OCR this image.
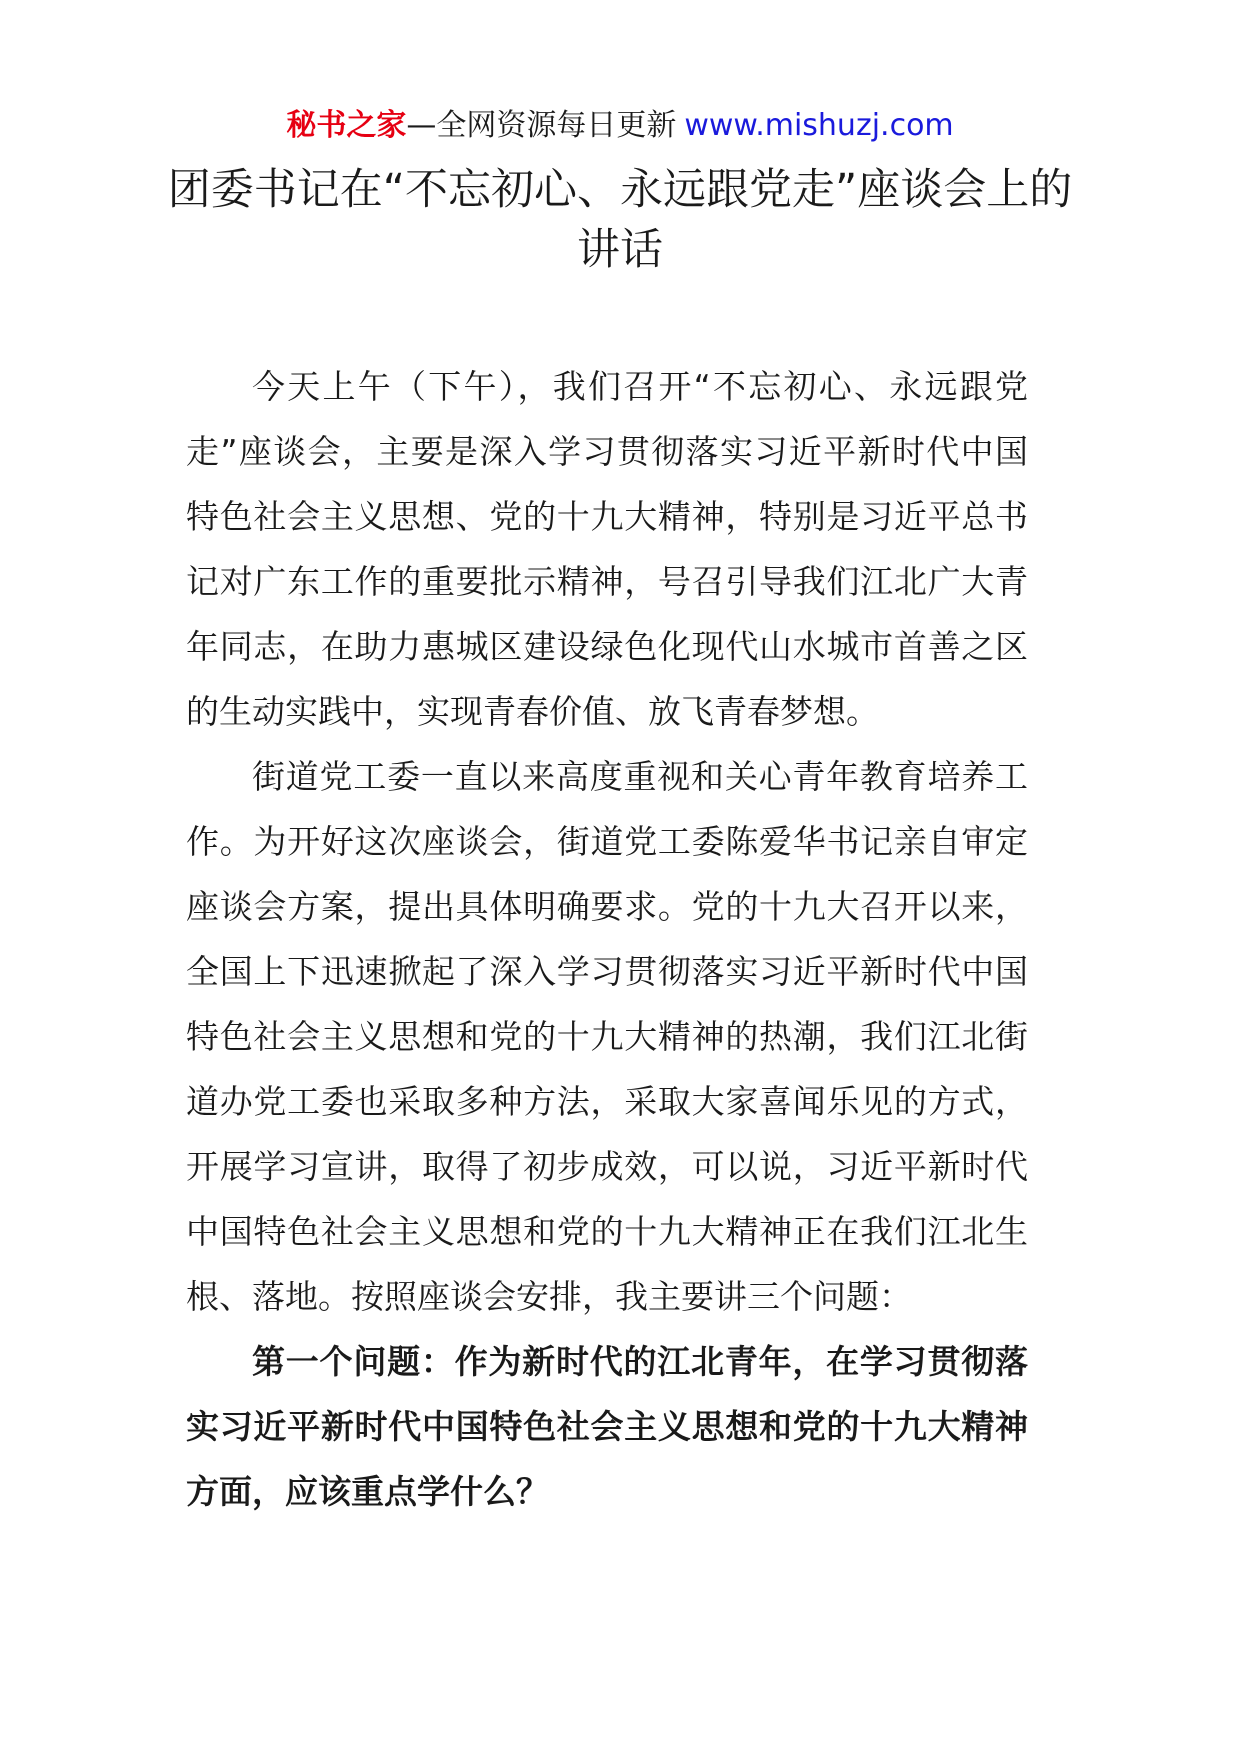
秘书之家—全网资源每日更新 www.mishuzj.com
团委书记在“不忘初心、永远跟党走”座谈会上的讲话

今天上午（下午），我们召开“不忘初心、永远跟党走”座谈会，主要是深入学习贯彻落实习近平新时代中国特色社会主义思想、党的十九大精神，特别是习近平总书记对广东工作的重要批示精神，号召引导我们江北广大青年同志，在助力惠城区建设绿色化现代山水城市首善之区的生动实践中，实现青春价值、放飞青春梦想。

街道党工委一直以来高度重视和关心青年教育培养工作。为开好这次座谈会，街道党工委陈爱华书记亲自审定座谈会方案，提出具体明确要求。党的十九大召开以来，全国上下迅速掀起了深入学习贯彻落实习近平新时代中国特色社会主义思想和党的十九大精神的热潮，我们江北街道办党工委也采取多种方法，采取大家喜闻乐见的方式，开展学习宣讲，取得了初步成效，可以说，习近平新时代中国特色社会主义思想和党的十九大精神正在我们江北生根、落地。按照座谈会安排，我主要讲三个问题：

第一个问题：作为新时代的江北青年，在学习贯彻落实习近平新时代中国特色社会主义思想和党的十九大精神方面，应该重点学什么？
